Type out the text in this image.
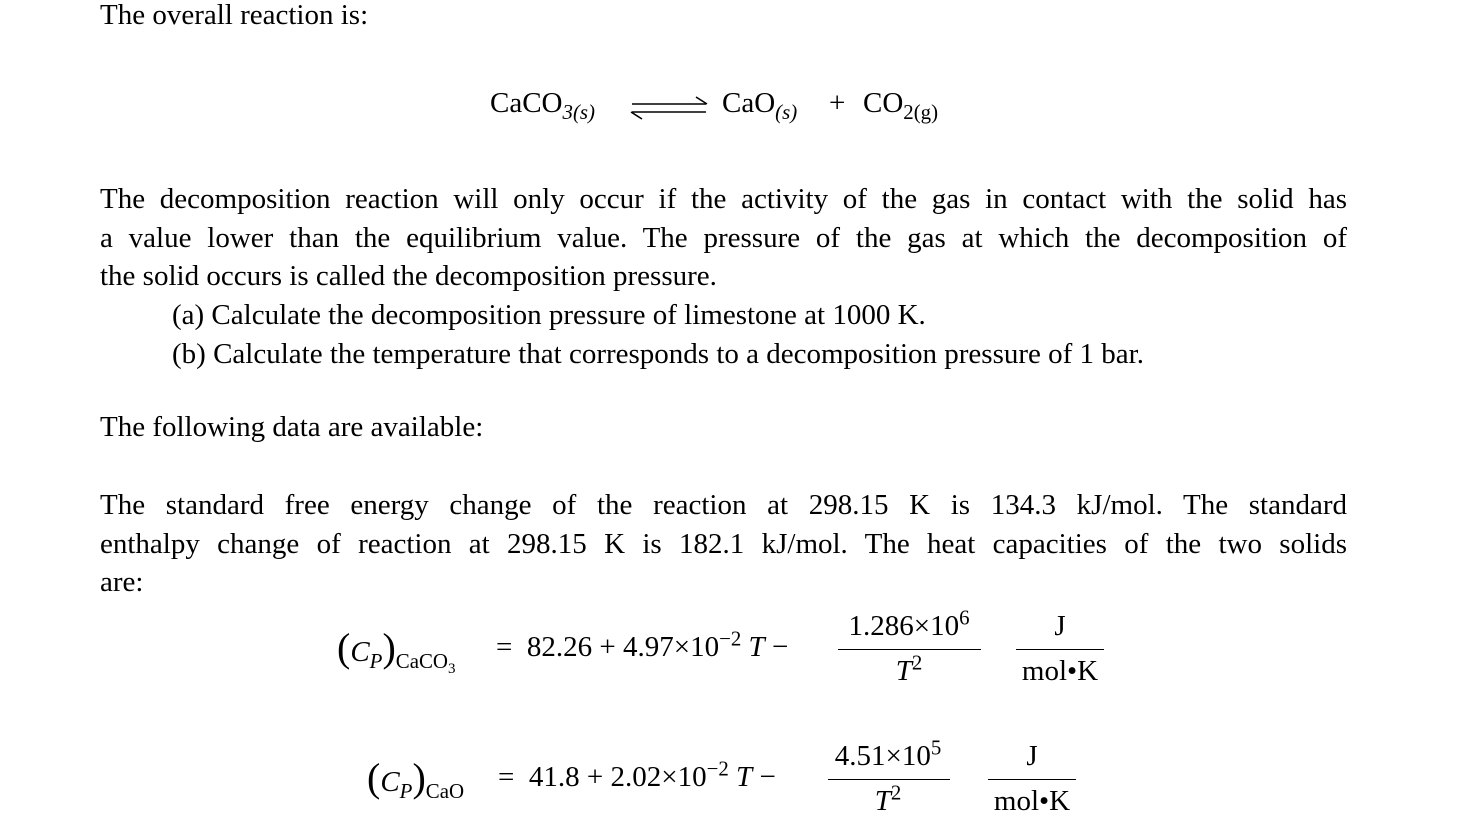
The overall reaction is:
CaCO$_{3(s)}$	$CaO_{(s)} + CO_{2(g)}$
The decomposition reaction will only occur if the activity of the gas in contact with the solid has
a value lower than the equilibrium value. The pressure of the gas at which the decomposition of
the solid occurs is called the decomposition pressure.
(a) Calculate the decomposition pressure of limestone at 1000 K.
(b) Calculate the temperature that corresponds to a decomposition pressure of 1 bar.
The following data are available:
The standard free energy change of the reaction at 298.15 K is 134.3 kJ/mol. The standard
enthalpy change of reaction at 298.15 K is 182.1 kJ/mol. The heat capacities of the two solids
are:
$(C_P)_{CaCO_3}$
= $82.26 + 4.97\times 10^{-2}$ T −
$1.286\times 10^6$
$T^2$
J
mol•K
$(C_P)_{CaO} = 41.8 + 2.02\times 10^{-2}$ T −
$4.51\times 10^5$
$T^2$
J
mol•K
